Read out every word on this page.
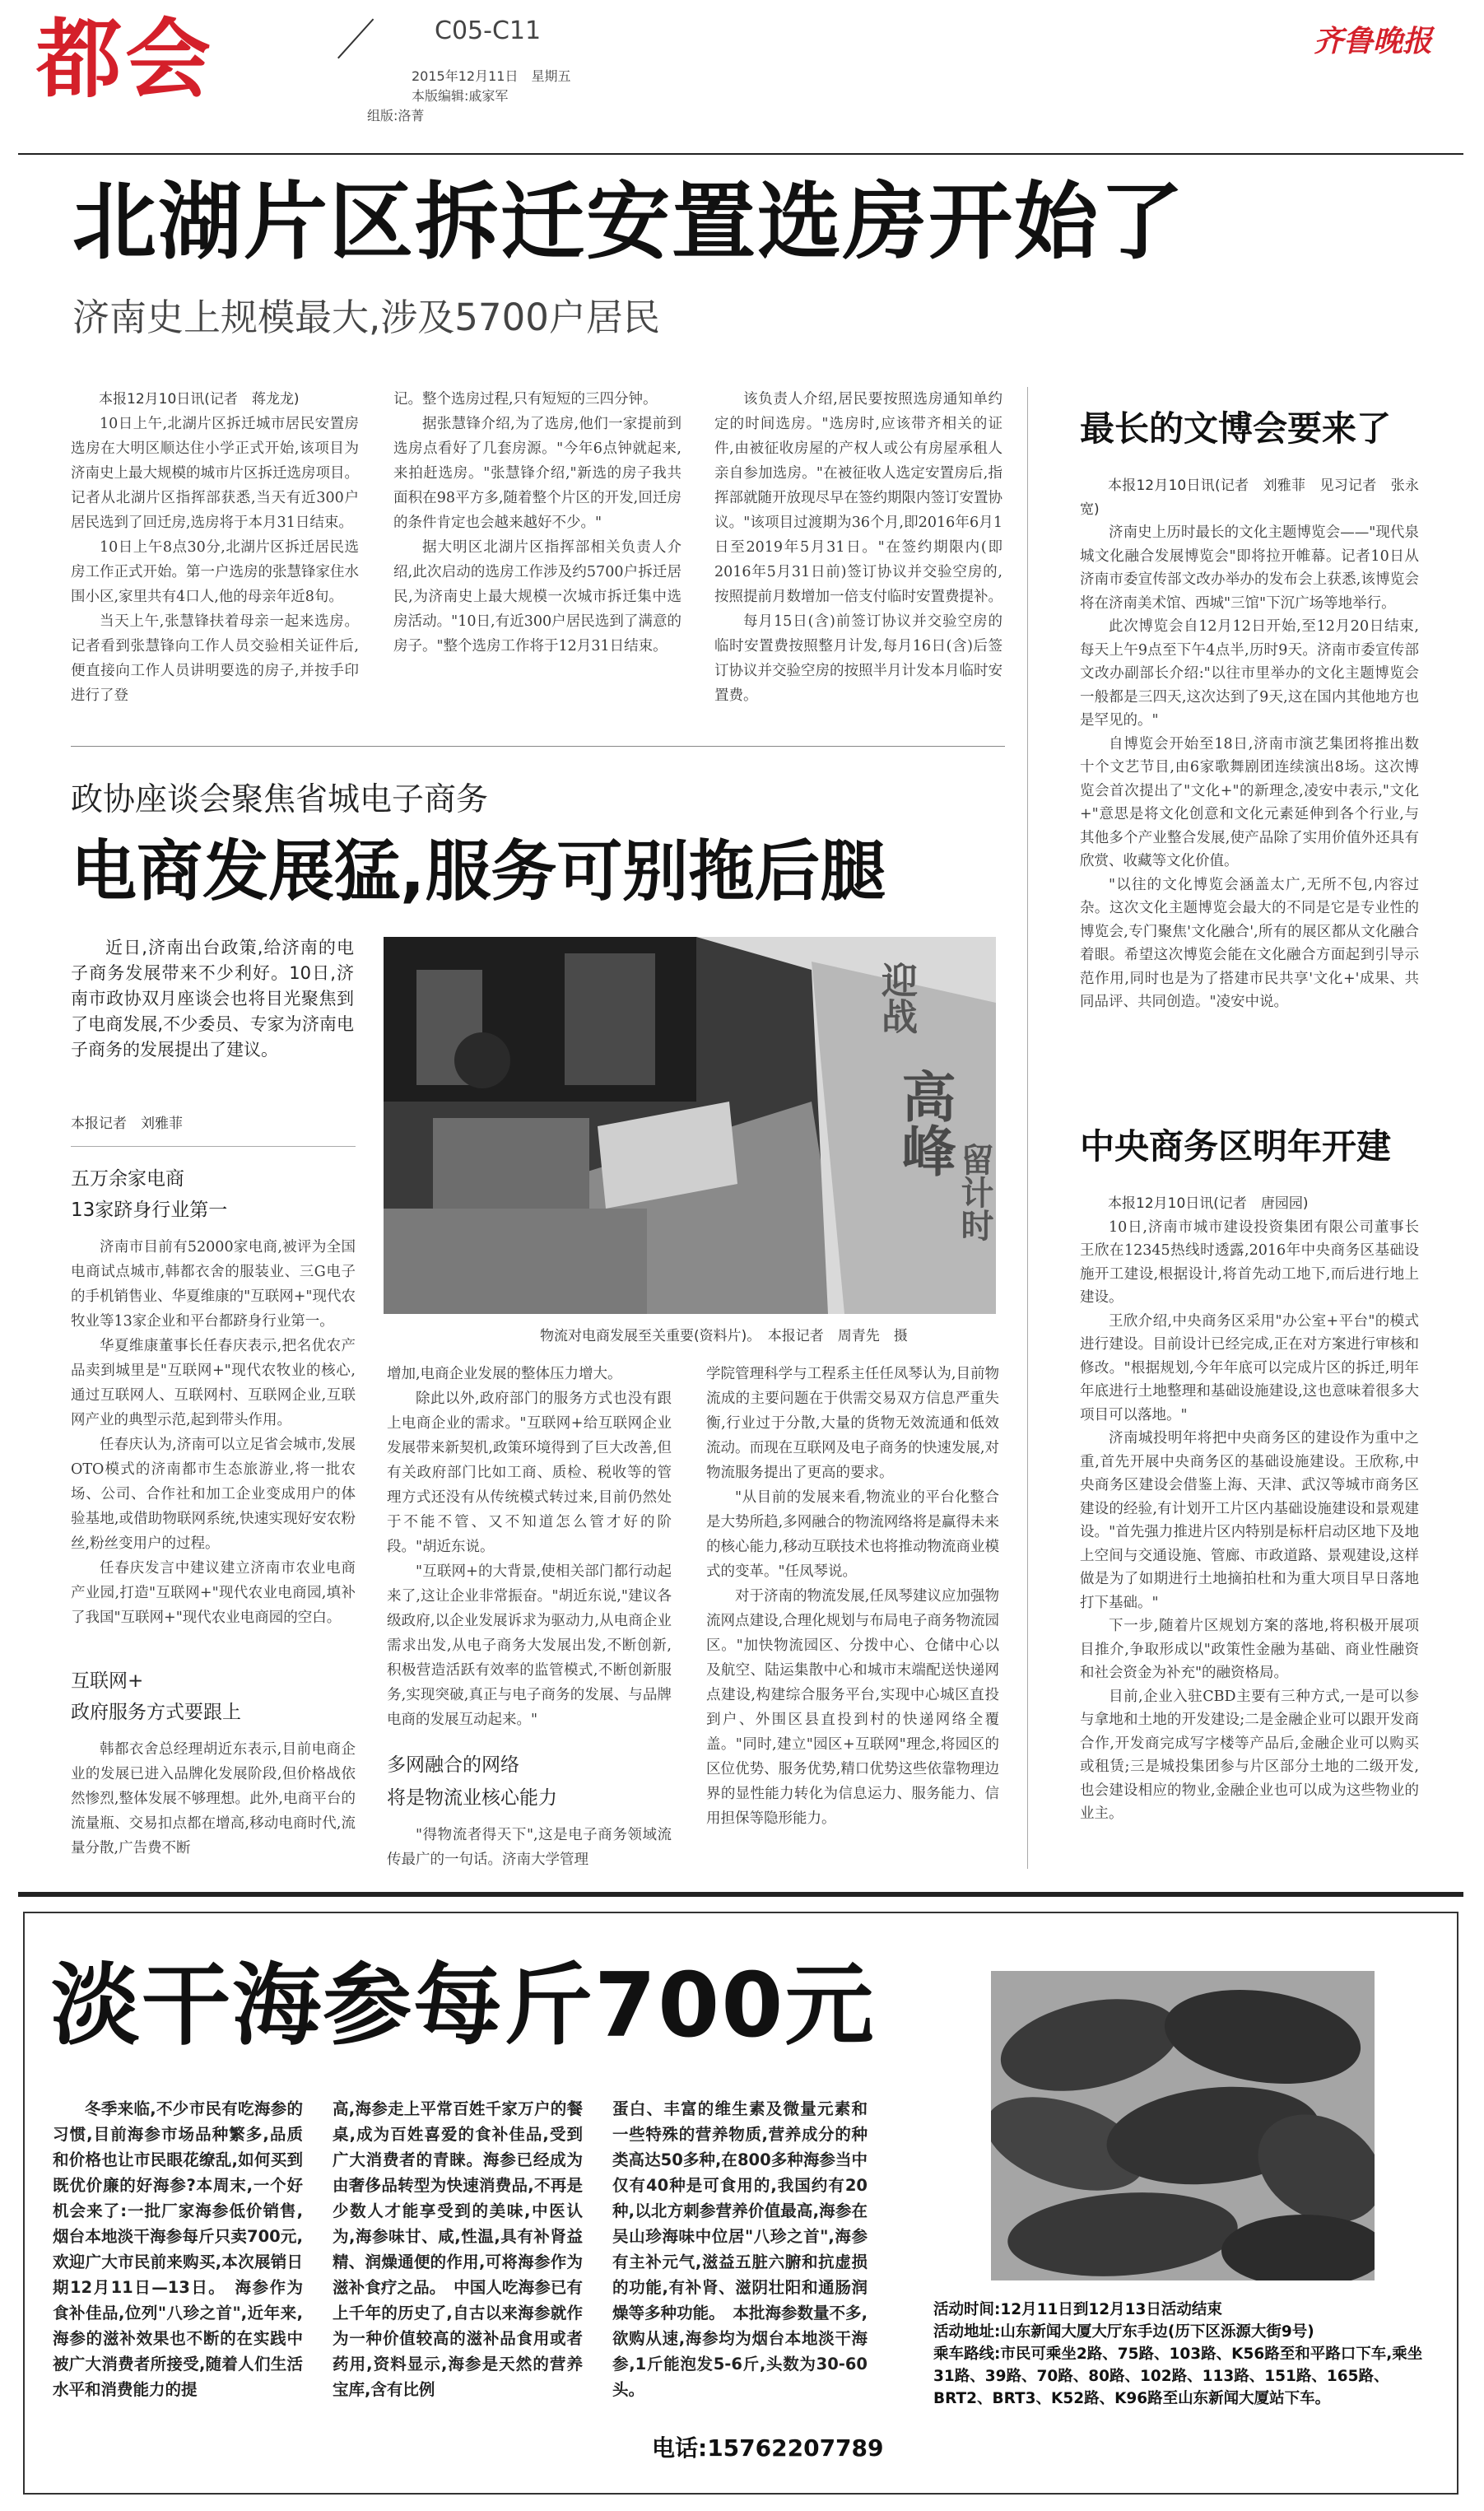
都会	C05-C11
2015年12月11日　星期五
本版编辑:戚家军
组版:洛菁
齐鲁晚报
北湖片区拆迁安置选房开始了
济南史上规模最大,涉及5700户居民

本报12月10日讯(记者　蒋龙龙)

10日上午,北湖片区拆迁城市居民安置房选房在大明区顺达住小学正式开始,该项目为济南史上最大规模的城市片区拆迁选房项目。记者从北湖片区指挥部获悉,当天有近300户居民选到了回迁房,选房将于本月31日结束。

10日上午8点30分,北湖片区拆迁居民选房工作正式开始。第一户选房的张慧锋家住水围小区,家里共有4口人,他的母亲年近8旬。

当天上午,张慧锋扶着母亲一起来选房。记者看到张慧锋向工作人员交验相关证件后,便直接向工作人员讲明要选的房子,并按手印进行了登

记。整个选房过程,只有短短的三四分钟。

据张慧锋介绍,为了选房,他们一家提前到选房点看好了几套房源。"今年6点钟就起来,来拍赶选房。"张慧锋介绍,"新选的房子我共面积在98平方多,随着整个片区的开发,回迁房的条件肯定也会越来越好不少。"

据大明区北湖片区指挥部相关负责人介绍,此次启动的选房工作涉及约5700户拆迁居民,为济南史上最大规模一次城市拆迁集中选房活动。"10日,有近300户居民选到了满意的房子。"整个选房工作将于12月31日结束。

该负责人介绍,居民要按照选房通知单约定的时间选房。"选房时,应该带齐相关的证件,由被征收房屋的产权人或公有房屋承租人亲自参加选房。"在被征收人选定安置房后,指挥部就随开放现尽早在签约期限内签订安置协议。"该项目过渡期为36个月,即2016年6月1日至2019年5月31日。"在签约期限内(即2016年5月31日前)签订协议并交验空房的,按照提前月数增加一倍支付临时安置费提补。

每月15日(含)前签订协议并交验空房的临时安置费按照整月计发,每月16日(含)后签订协议并交验空房的按照半月计发本月临时安置费。

最长的文博会要来了

本报12月10日讯(记者　刘雅菲　见习记者　张永宽)

济南史上历时最长的文化主题博览会——"现代泉城文化融合发展博览会"即将拉开帷幕。记者10日从济南市委宣传部文改办举办的发布会上获悉,该博览会将在济南美术馆、西城"三馆"下沉广场等地举行。

此次博览会自12月12日开始,至12月20日结束,每天上午9点至下午4点半,历时9天。济南市委宣传部文改办副部长介绍:"以往市里举办的文化主题博览会一般都是三四天,这次达到了9天,这在国内其他地方也是罕见的。"

自博览会开始至18日,济南市演艺集团将推出数十个文艺节目,由6家歌舞剧团连续演出8场。这次博览会首次提出了"文化+"的新理念,凌安中表示,"文化+"意思是将文化创意和文化元素延伸到各个行业,与其他多个产业整合发展,使产品除了实用价值外还具有欣赏、收藏等文化价值。

"以往的文化博览会涵盖太广,无所不包,内容过杂。这次文化主题博览会最大的不同是它是专业性的博览会,专门聚焦'文化融合',所有的展区都从文化融合着眼。希望这次博览会能在文化融合方面起到引导示范作用,同时也是为了搭建市民共享'文化+'成果、共同品评、共同创造。"凌安中说。

中央商务区明年开建

本报12月10日讯(记者　唐园园)

10日,济南市城市建设投资集团有限公司董事长王欣在12345热线时透露,2016年中央商务区基础设施开工建设,根据设计,将首先动工地下,而后进行地上建设。

王欣介绍,中央商务区采用"办公室+平台"的模式进行建设。目前设计已经完成,正在对方案进行审核和修改。"根据规划,今年年底可以完成片区的拆迁,明年年底进行土地整理和基础设施建设,这也意味着很多大项目可以落地。"

济南城投明年将把中央商务区的建设作为重中之重,首先开展中央商务区的基础设施建设。王欣称,中央商务区建设会借鉴上海、天津、武汉等城市商务区建设的经验,有计划开工片区内基础设施建设和景观建设。"首先强力推进片区内特别是标杆启动区地下及地上空间与交通设施、管廊、市政道路、景观建设,这样做是为了如期进行土地摘拍杜和为重大项目早日落地打下基础。"

下一步,随着片区规划方案的落地,将积极开展项目推介,争取形成以"政策性金融为基础、商业性融资和社会资金为补充"的融资格局。

目前,企业入驻CBD主要有三种方式,一是可以参与拿地和土地的开发建设;二是金融企业可以跟开发商合作,开发商完成写字楼等产品后,金融企业可以购买或租赁;三是城投集团参与片区部分土地的二级开发,也会建设相应的物业,金融企业也可以成为这些物业的业主。

政协座谈会聚焦省城电子商务
电商发展猛,服务可别拖后腿
近日,济南出台政策,给济南的电子商务发展带来不少利好。10日,济南市政协双月座谈会也将目光聚焦到了电商发展,不少委员、专家为济南电子商务的发展提出了建议。
本报记者　刘雅菲
迎战
高峰
留计时
物流对电商发展至关重要(资料片)。　本报记者　周青先　摄
五万余家电商
13家跻身行业第一

济南市目前有52000家电商,被评为全国电商试点城市,韩都衣舍的服装业、三G电子的手机销售业、华夏维康的"互联网+"现代农牧业等13家企业和平台都跻身行业第一。

华夏维康董事长任春庆表示,把名优农产品卖到城里是"互联网+"现代农牧业的核心,通过互联网人、互联网村、互联网企业,互联网产业的典型示范,起到带头作用。

任春庆认为,济南可以立足省会城市,发展OTO模式的济南都市生态旅游业,将一批农场、公司、合作社和加工企业变成用户的体验基地,或借助物联网系统,快速实现好安农粉丝,粉丝变用户的过程。

任春庆发言中建议建立济南市农业电商产业园,打造"互联网+"现代农业电商园,填补了我国"互联网+"现代农业电商园的空白。

互联网+
政府服务方式要跟上

韩都衣舍总经理胡近东表示,目前电商企业的发展已进入品牌化发展阶段,但价格战依然惨烈,整体发展不够理想。此外,电商平台的流量瓶、交易扣点都在增高,移动电商时代,流量分散,广告费不断

增加,电商企业发展的整体压力增大。

除此以外,政府部门的服务方式也没有跟上电商企业的需求。"互联网+给互联网企业发展带来新契机,政策环境得到了巨大改善,但有关政府部门比如工商、质检、税收等的管理方式还没有从传统模式转过来,目前仍然处于不能不管、又不知道怎么管才好的阶段。"胡近东说。

"互联网+的大背景,使相关部门都行动起来了,这让企业非常振奋。"胡近东说,"建议各级政府,以企业发展诉求为驱动力,从电商企业需求出发,从电子商务大发展出发,不断创新,积极营造活跃有效率的监管模式,不断创新服务,实现突破,真正与电子商务的发展、与品牌电商的发展互动起来。"

多网融合的网络
将是物流业核心能力

"得物流者得天下",这是电子商务领域流传最广的一句话。济南大学管理

学院管理科学与工程系主任任凤琴认为,目前物流成的主要问题在于供需交易双方信息严重失衡,行业过于分散,大量的货物无效流通和低效流动。而现在互联网及电子商务的快速发展,对物流服务提出了更高的要求。

"从目前的发展来看,物流业的平台化整合是大势所趋,多网融合的物流网络将是赢得未来的核心能力,移动互联技术也将推动物流商业模式的变革。"任凤琴说。

对于济南的物流发展,任凤琴建议应加强物流网点建设,合理化规划与布局电子商务物流园区。"加快物流园区、分拨中心、仓储中心以及航空、陆运集散中心和城市末端配送快递网点建设,构建综合服务平台,实现中心城区直投到户、外围区县直投到村的快递网络全覆盖。"同时,建立"园区+互联网"理念,将园区的区位优势、服务优势,精口优势这些依靠物理边界的显性能力转化为信息运力、服务能力、信用担保等隐形能力。

淡干海参每斤700元
冬季来临,不少市民有吃海参的习惯,目前海参市场品种繁多,品质和价格也让市民眼花缭乱,如何买到既优价廉的好海参?本周末,一个好机会来了:一批厂家海参低价销售,烟台本地淡干海参每斤只卖700元,欢迎广大市民前来购买,本次展销日期12月11日—13日。　海参作为食补佳品,位列"八珍之首",近年来,海参的滋补效果也不断的在实践中被广大消费者所接受,随着人们生活水平和消费能力的提
高,海参走上平常百姓千家万户的餐桌,成为百姓喜爱的食补佳品,受到广大消费者的青睐。海参已经成为由奢侈品转型为快速消费品,不再是少数人才能享受到的美味,中医认为,海参味甘、咸,性温,具有补肾益精、润燥通便的作用,可将海参作为滋补食疗之品。　中国人吃海参已有上千年的历史了,自古以来海参就作为一种价值较高的滋补品食用或者药用,资料显示,海参是天然的营养宝库,含有比例
蛋白、丰富的维生素及微量元素和一些特殊的营养物质,营养成分的种类高达50多种,在800多种海参当中仅有40种是可食用的,我国约有20种,以北方刺参营养价值最高,海参在吴山珍海味中位居"八珍之首",海参有主补元气,滋益五脏六腑和抗虚损的功能,有补肾、滋阴壮阳和通肠润燥等多种功能。　本批海参数量不多,欲购从速,海参均为烟台本地淡干海参,1斤能泡发5-6斤,头数为30-60头。
电话:15762207789
活动时间:12月11日到12月13日活动结束
活动地址:山东新闻大厦大厅东手边(历下区泺源大街9号)
乘车路线:市民可乘坐2路、75路、103路、K56路至和平路口下车,乘坐31路、39路、70路、80路、102路、113路、151路、165路、BRT2、BRT3、K52路、K96路至山东新闻大厦站下车。
